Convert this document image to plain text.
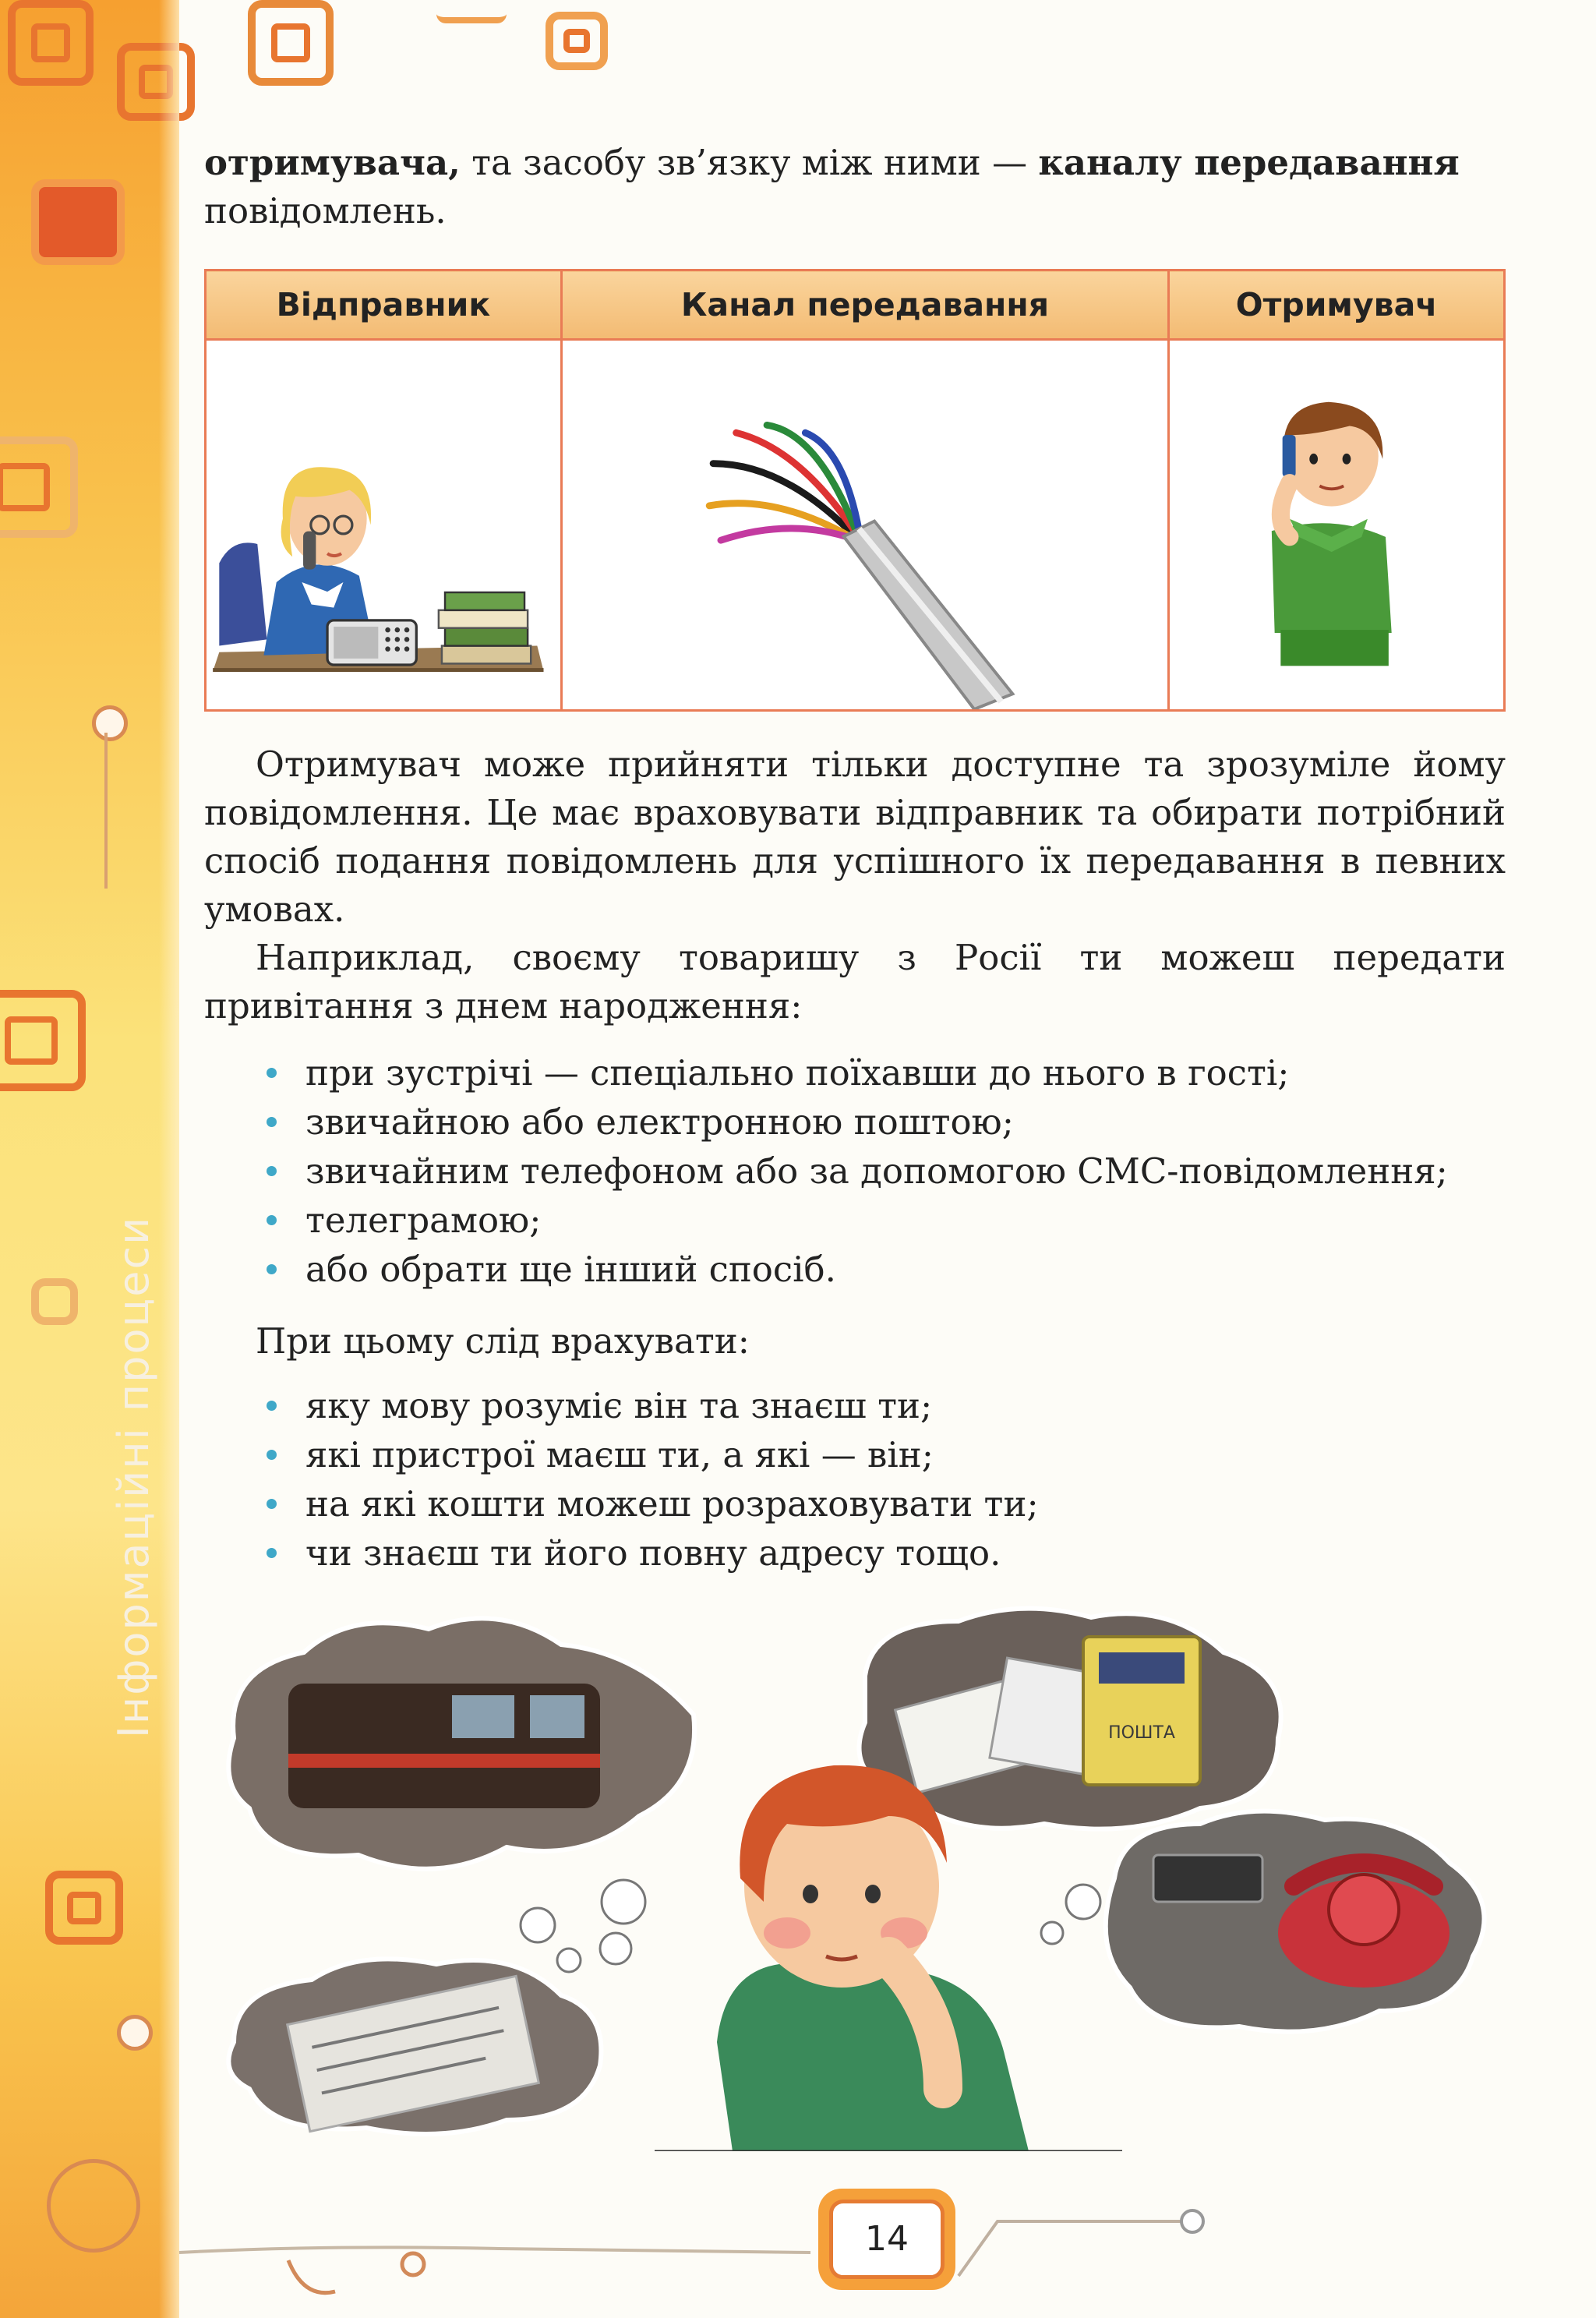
Інформаційні процеси
отримувача, та засобу зв’язку між ними — каналу передавання
повідомлень.
Відправник	Канал передавання	Отримувач

Отримувач може прийняти тільки доступне та зрозуміле йому повідомлення. Це має враховувати відправник та обирати потрібний спосіб подання повідомлень для успішного їх передавання в певних умовах.

Наприклад, своєму товаришу з Росії ти можеш передати привітання з днем народження:

при зустрічі — спеціально поїхавши до нього в гості;
звичайною або електронною поштою;
звичайним телефоном або за допомогою СМС-повідомлення;
телеграмою;
або обрати ще інший спосіб.

При цьому слід врахувати:

яку мову розуміє він та знаєш ти;
які пристрої маєш ти, а які — він;
на які кошти можеш розраховувати ти;
чи знаєш ти його повну адресу тощо.
ПОШТА
14
